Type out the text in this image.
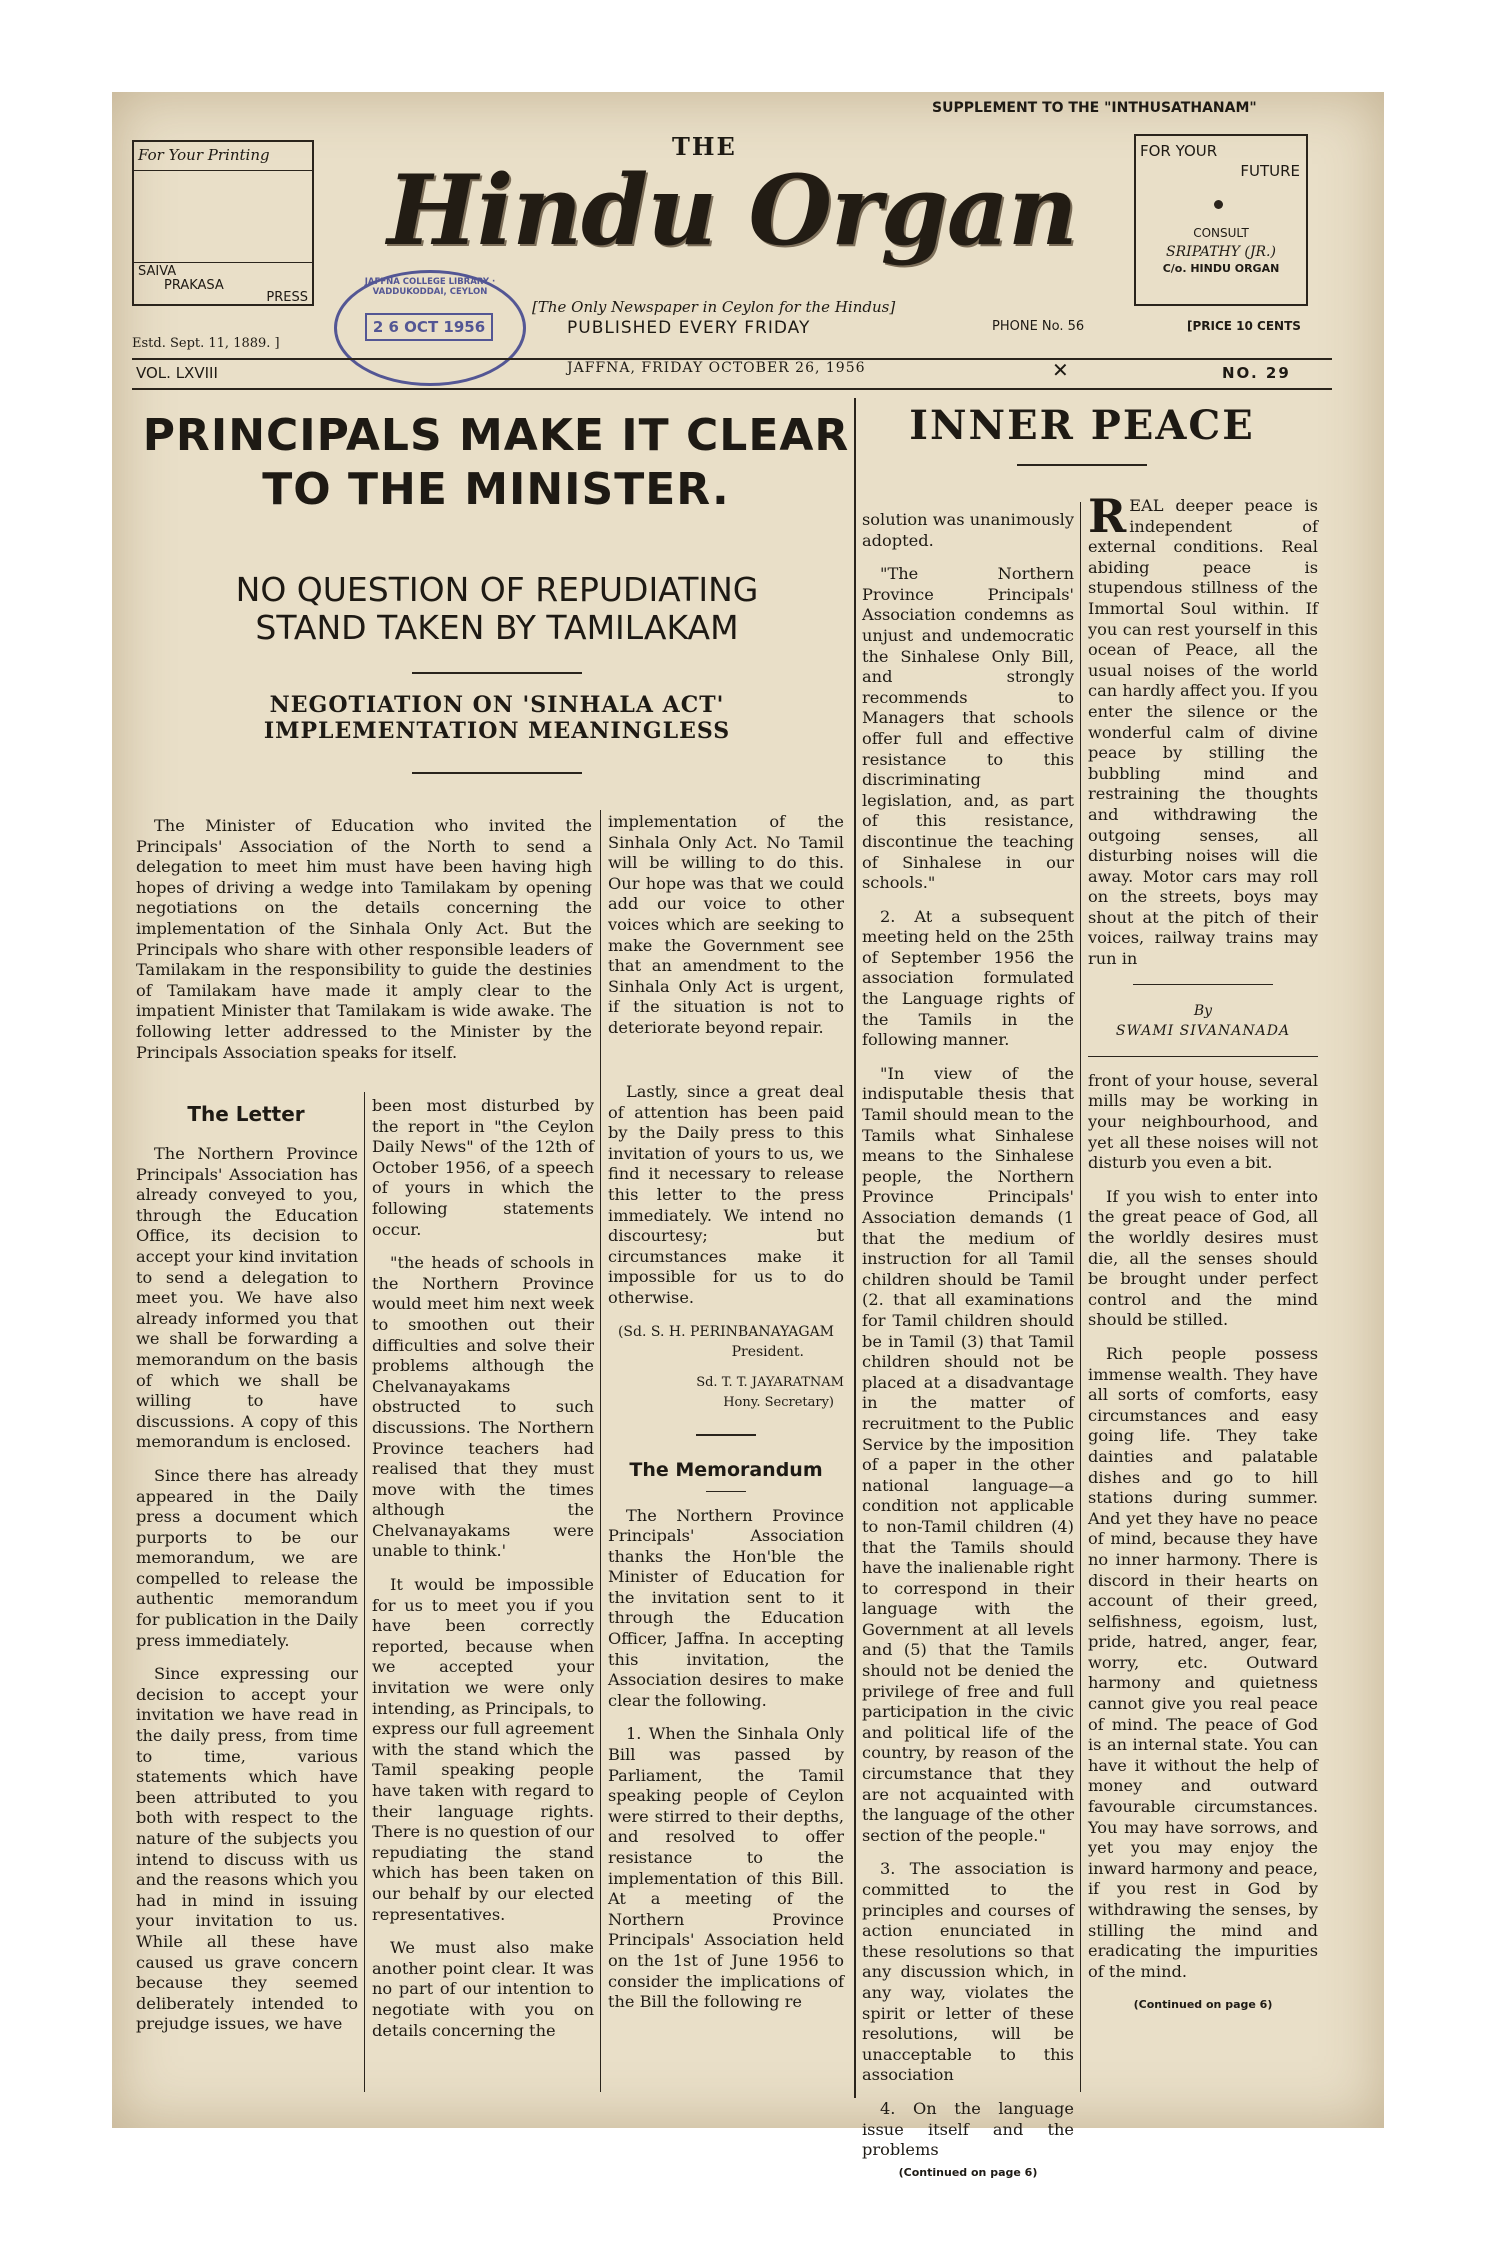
SUPPLEMENT TO THE "INTHUSATHANAM"
For Your Printing
SAIVA
PRAKASA
PRESS
FOR YOUR
FUTURE
CONSULT
SRIPATHY (JR.)
C/o. HINDU ORGAN
THE
Hindu Organ
[The Only Newspaper in Ceylon for the Hindus]
PUBLISHED EVERY FRIDAY	PHONE No. 56	[PRICE 10 CENTS
Estd. Sept. 11, 1889. ]
JAFFNA COLLEGE LIBRARY · VADDUKODDAI, CEYLON
2 6 OCT 1956
VOL. LXVIII	JAFFNA, FRIDAY OCTOBER 26, 1956	✕	NO. 29
PRINCIPALS MAKE IT CLEAR
TO THE MINISTER.
NO QUESTION OF REPUDIATING
STAND TAKEN BY TAMILAKAM
NEGOTIATION ON 'SINHALA ACT'
IMPLEMENTATION MEANINGLESS

The Minister of Education who invited the Principals' Association of the North to send a delegation to meet him must have been having high hopes of driving a wedge into Tamilakam by opening negotiations on the details concerning the implementation of the Sinhala Only Act. But the Principals who share with other responsible leaders of Tamilakam in the responsibility to guide the destinies of Tamilakam have made it amply clear to the impatient Minister that Tamilakam is wide awake. The following letter addressed to the Minister by the Principals Association speaks for itself.

implementation of the Sinhala Only Act. No Tamil will be willing to do this. Our hope was that we could add our voice to other voices which are seeking to make the Government see that an amendment to the Sinhala Only Act is urgent, if the situation is not to deteriorate beyond repair.

The Letter

The Northern Province Principals' Association has already conveyed to you, through the Education Office, its decision to accept your kind invitation to send a delegation to meet you. We have also already informed you that we shall be forwarding a memorandum on the basis of which we shall be willing to have discussions. A copy of this memorandum is enclosed.

Since there has already appeared in the Daily press a document which purports to be our memorandum, we are compelled to release the authentic memorandum for publication in the Daily press immediately.

Since expressing our decision to accept your invitation we have read in the daily press, from time to time, various statements which have been attributed to you both with respect to the nature of the subjects you intend to discuss with us and the reasons which you had in mind in issuing your invitation to us. While all these have caused us grave concern because they seemed deliberately intended to prejudge issues, we have

been most disturbed by the report in "the Ceylon Daily News" of the 12th of October 1956, of a speech of yours in which the following statements occur.

"the heads of schools in the Northern Province would meet him next week to smoothen out their difficulties and solve their problems although the Chelvanayakams obstructed to such discussions. The Northern Province teachers had realised that they must move with the times although the Chelvanayakams were unable to think.'

It would be impossible for us to meet you if you have been correctly reported, because when we accepted your invitation we were only intending, as Principals, to express our full agreement with the stand which the Tamil speaking people have taken with regard to their language rights. There is no question of our repudiating the stand which has been taken on our behalf by our elected representatives.

We must also make another point clear. It was no part of our intention to negotiate with you on details concerning the

Lastly, since a great deal of attention has been paid by the Daily press to this invitation of yours to us, we find it necessary to release this letter to the press immediately. We intend no discourtesy; but circumstances make it impossible for us to do otherwise.

(Sd. S. H. PERINBANAYAGAM
President.
Sd. T. T. JAYARATNAM
Hony. Secretary)
The Memorandum

The Northern Province Principals' Association thanks the Hon'ble the Minister of Education for the invitation sent to it through the Education Officer, Jaffna. In accepting this invitation, the Association desires to make clear the following.

1. When the Sinhala Only Bill was passed by Parliament, the Tamil speaking people of Ceylon were stirred to their depths, and resolved to offer resistance to the implementation of this Bill. At a meeting of the Northern Province Principals' Association held on the 1st of June 1956 to consider the implications of the Bill the following re

solution was unanimously adopted.

"The Northern Province Principals' Association condemns as unjust and undemocratic the Sinhalese Only Bill, and strongly recommends to Managers that schools offer full and effective resistance to this discriminating legislation, and, as part of this resistance, discontinue the teaching of Sinhalese in our schools."

2. At a subsequent meeting held on the 25th of September 1956 the association formulated the Language rights of the Tamils in the following manner.

"In view of the indisputable thesis that Tamil should mean to the Tamils what Sinhalese means to the Sinhalese people, the Northern Province Principals' Association demands (1 that the medium of instruction for all Tamil children should be Tamil (2. that all examinations for Tamil children should be in Tamil (3) that Tamil children should not be placed at a disadvantage in the matter of recruitment to the Public Service by the imposition of a paper in the other national language—a condition not applicable to non-Tamil children (4) that the Tamils should have the inalienable right to correspond in their language with the Government at all levels and (5) that the Tamils should not be denied the privilege of free and full participation in the civic and political life of the country, by reason of the circumstance that they are not acquainted with the language of the other section of the people."

3. The association is committed to the principles and courses of action enunciated in these resolutions so that any discussion which, in any way, violates the spirit or letter of these resolutions, will be unacceptable to this association

4. On the language issue itself and the problems

(Continued on page 6)
INNER PEACE

REAL deeper peace is independent of external conditions. Real abiding peace is stupendous stillness of the Immortal Soul within. If you can rest yourself in this ocean of Peace, all the usual noises of the world can hardly affect you. If you enter the silence or the wonderful calm of divine peace by stilling the bubbling mind and restraining the thoughts and withdrawing the outgoing senses, all disturbing noises will die away. Motor cars may roll on the streets, boys may shout at the pitch of their voices, railway trains may run in

By
SWAMI SIVANANADA

front of your house, several mills may be working in your neighbourhood, and yet all these noises will not disturb you even a bit.

If you wish to enter into the great peace of God, all the worldly desires must die, all the senses should be brought under perfect control and the mind should be stilled.

Rich people possess immense wealth. They have all sorts of comforts, easy circumstances and easy going life. They take dainties and palatable dishes and go to hill stations during summer. And yet they have no peace of mind, because they have no inner harmony. There is discord in their hearts on account of their greed, selfishness, egoism, lust, pride, hatred, anger, fear, worry, etc. Outward harmony and quietness cannot give you real peace of mind. The peace of God is an internal state. You can have it without the help of money and outward favourable circumstances. You may have sorrows, and yet you may enjoy the inward harmony and peace, if you rest in God by withdrawing the senses, by stilling the mind and eradicating the impurities of the mind.

(Continued on page 6)
